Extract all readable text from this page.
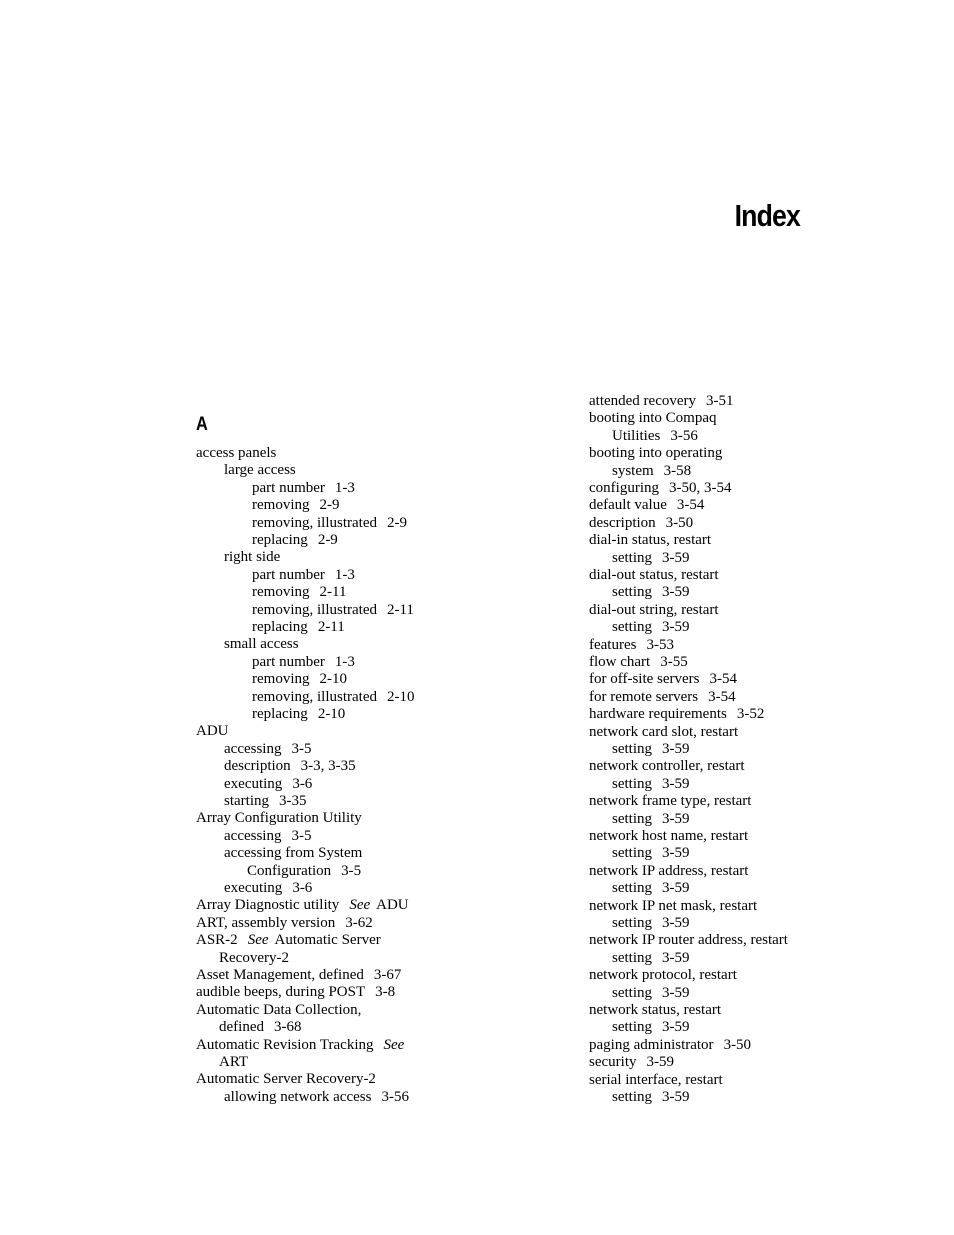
Index
A
access panels
large access
part number 1-3
removing 2-9
removing, illustrated 2-9
replacing 2-9
right side
part number 1-3
removing 2-11
removing, illustrated 2-11
replacing 2-11
small access
part number 1-3
removing 2-10
removing, illustrated 2-10
replacing 2-10
ADU
accessing 3-5
description 3-3, 3-35
executing 3-6
starting 3-35
Array Configuration Utility
accessing 3-5
accessing from System
Configuration 3-5
executing 3-6
Array Diagnostic utility See ADU
ART, assembly version 3-62
ASR-2 See Automatic Server
Recovery-2
Asset Management, defined 3-67
audible beeps, during POST 3-8
Automatic Data Collection,
defined 3-68
Automatic Revision Tracking See
ART
Automatic Server Recovery-2
allowing network access 3-56
attended recovery 3-51
booting into Compaq
Utilities 3-56
booting into operating
system 3-58
configuring 3-50, 3-54
default value 3-54
description 3-50
dial-in status, restart
setting 3-59
dial-out status, restart
setting 3-59
dial-out string, restart
setting 3-59
features 3-53
flow chart 3-55
for off-site servers 3-54
for remote servers 3-54
hardware requirements 3-52
network card slot, restart
setting 3-59
network controller, restart
setting 3-59
network frame type, restart
setting 3-59
network host name, restart
setting 3-59
network IP address, restart
setting 3-59
network IP net mask, restart
setting 3-59
network IP router address, restart
setting 3-59
network protocol, restart
setting 3-59
network status, restart
setting 3-59
paging administrator 3-50
security 3-59
serial interface, restart
setting 3-59
